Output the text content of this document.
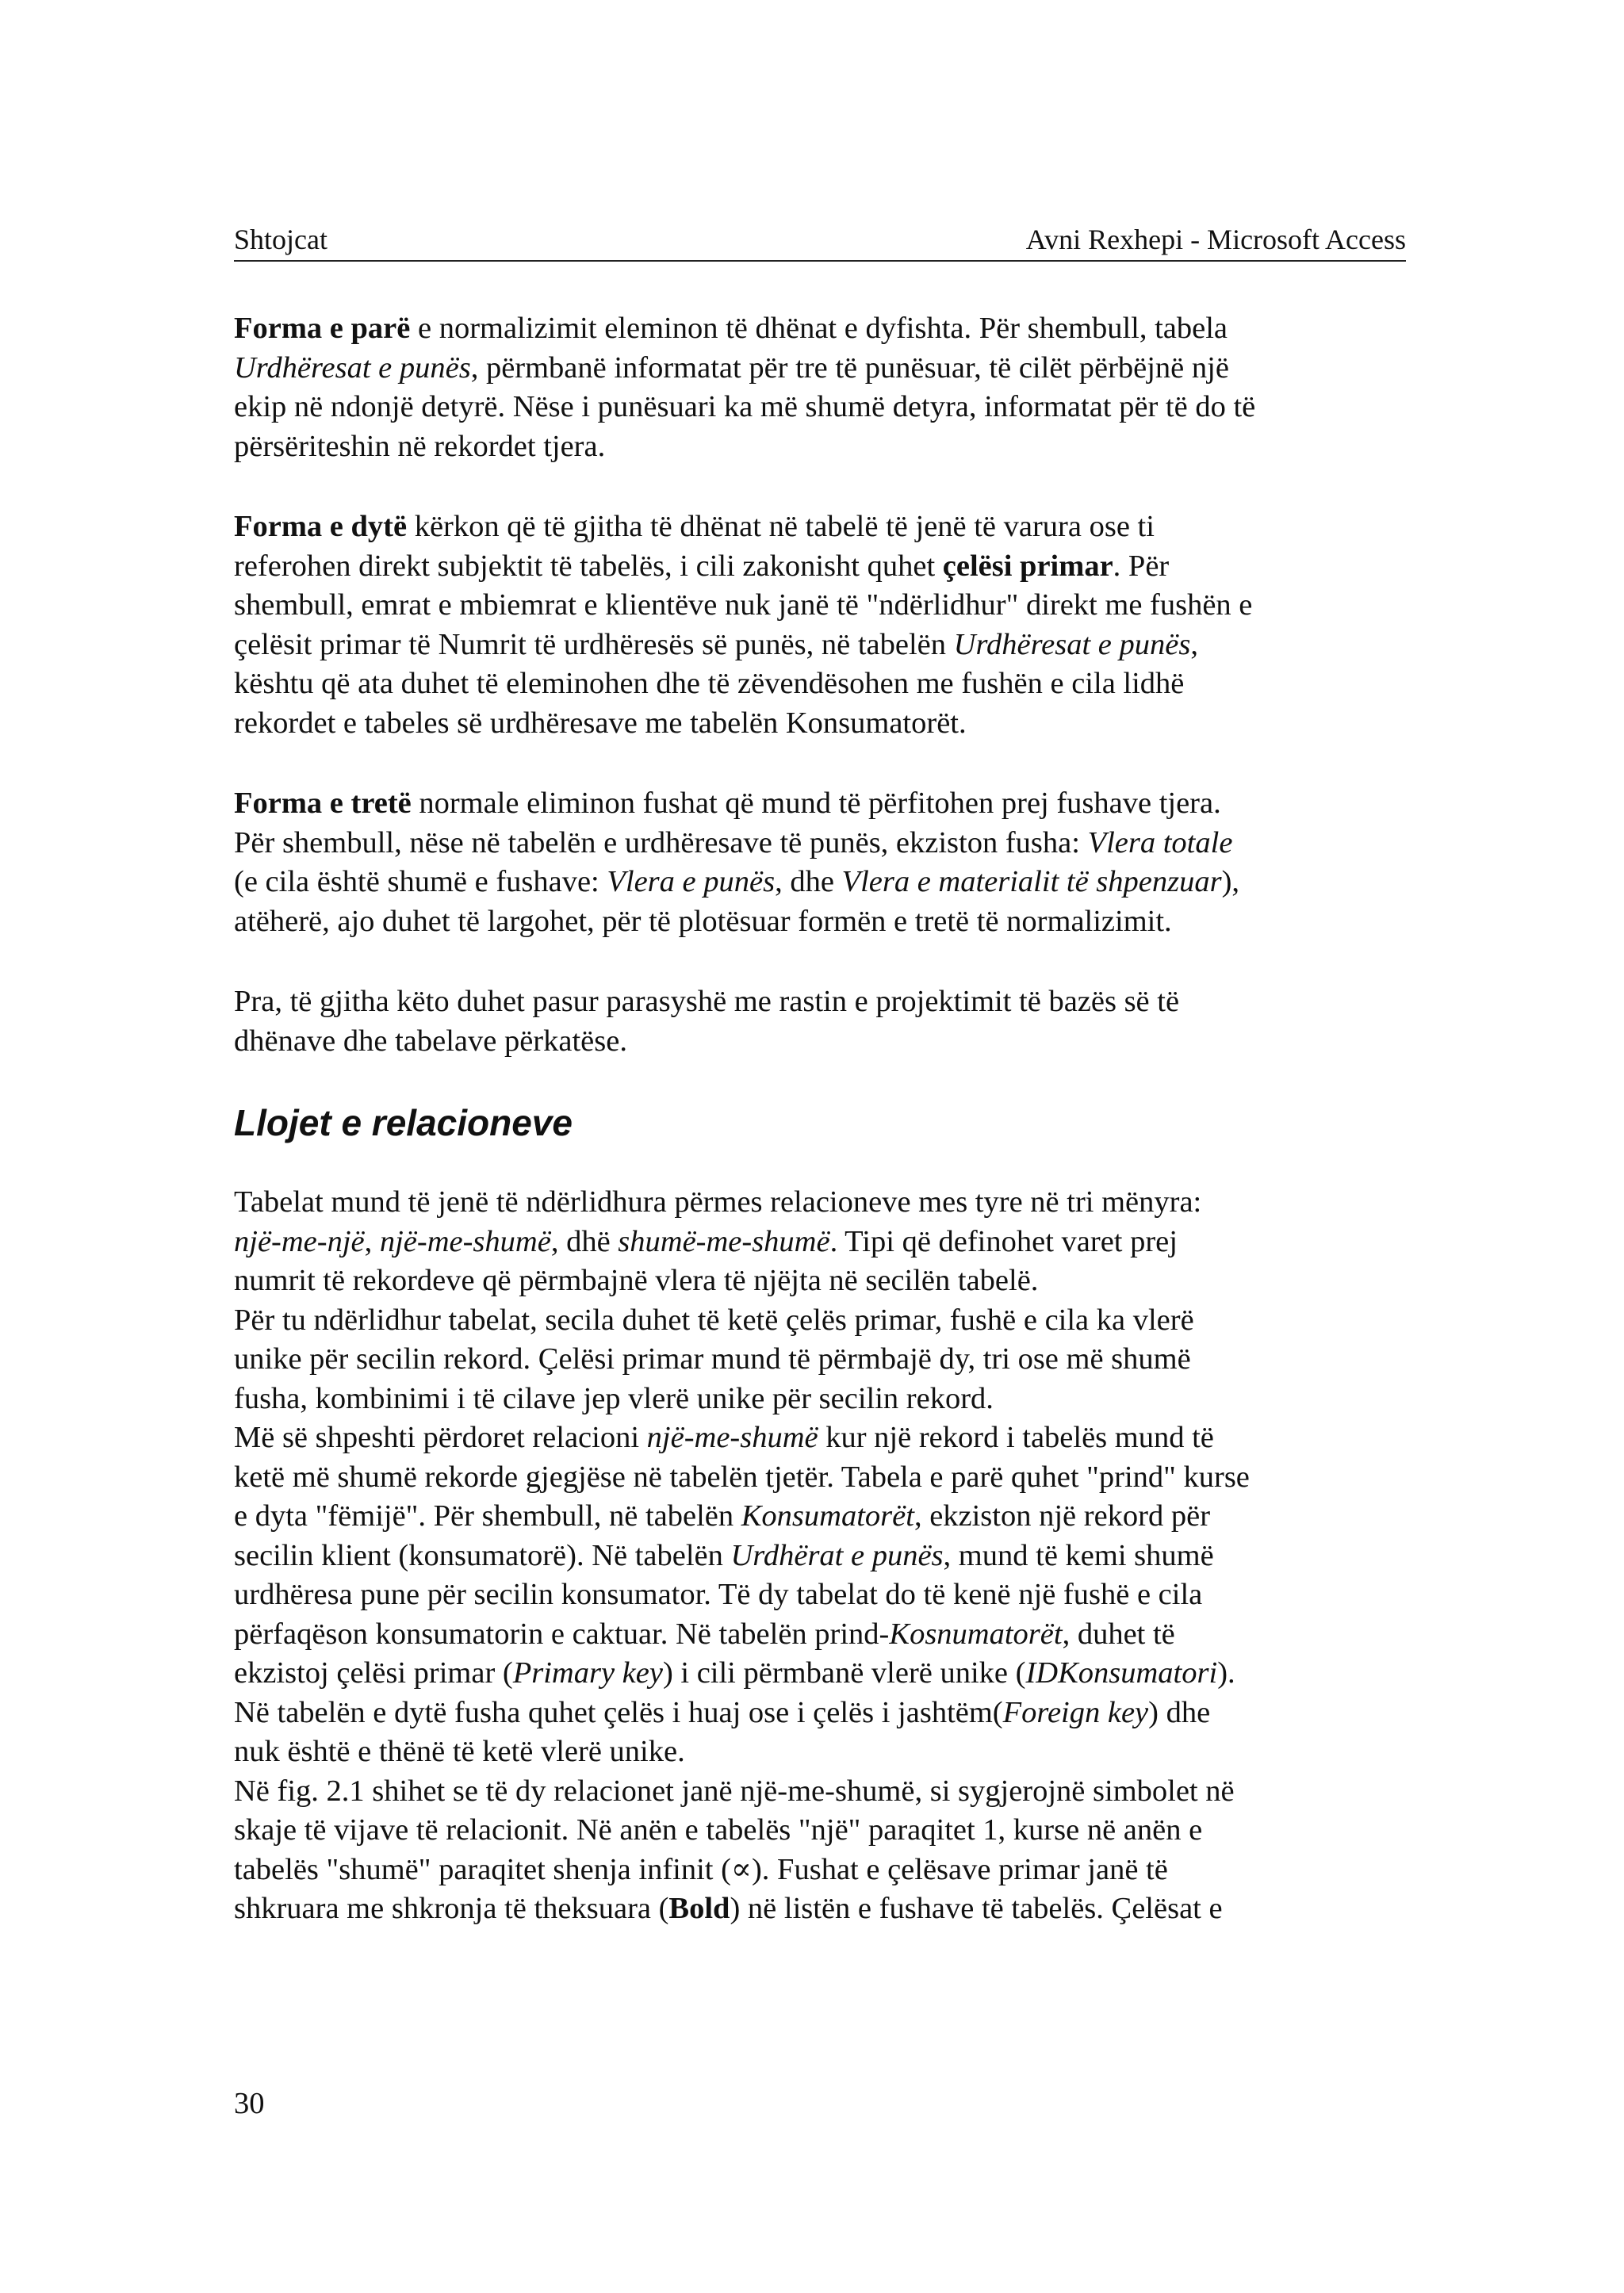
Shtojcat	Avni Rexhepi - Microsoft Access

Forma e parë e normalizimit eleminon të dhënat e dyfishta. Për shembull, tabela

Urdhëresat e punës, përmbanë informatat për tre të punësuar, të cilët përbëjnë një

ekip në ndonjë detyrë. Nëse i punësuari ka më shumë detyra, informatat për të do të

përsëriteshin në rekordet tjera.

Forma e dytë kërkon që të gjitha të dhënat në tabelë të jenë të varura ose ti

referohen direkt subjektit të tabelës, i cili zakonisht quhet çelësi primar. Për

shembull, emrat e mbiemrat e klientëve nuk janë të "ndërlidhur" direkt me fushën e

çelësit primar të Numrit të urdhëresës së punës, në tabelën Urdhëresat e punës,

kështu që ata duhet të eleminohen dhe të zëvendësohen me fushën e cila lidhë

rekordet e tabeles së urdhëresave me tabelën Konsumatorët.

Forma e tretë normale eliminon fushat që mund të përfitohen prej fushave tjera.

Për shembull, nëse në tabelën e urdhëresave të punës, ekziston fusha: Vlera totale

(e cila është shumë e fushave: Vlera e punës, dhe Vlera e materialit të shpenzuar),

atëherë, ajo duhet të largohet, për të plotësuar formën e tretë të normalizimit.

Pra, të gjitha këto duhet pasur parasyshë me rastin e projektimit të bazës së të

dhënave dhe tabelave përkatëse.

Llojet e relacioneve

Tabelat mund të jenë të ndërlidhura përmes relacioneve mes tyre në tri mënyra:

një-me-një, një-me-shumë, dhë shumë-me-shumë. Tipi që definohet varet prej

numrit të rekordeve që përmbajnë vlera të njëjta në secilën tabelë.

Për tu ndërlidhur tabelat, secila duhet të ketë çelës primar, fushë e cila ka vlerë

unike për secilin rekord. Çelësi primar mund të përmbajë dy, tri ose më shumë

fusha, kombinimi i të cilave jep vlerë unike për secilin rekord.

Më së shpeshti përdoret relacioni një-me-shumë kur një rekord i tabelës mund të

ketë më shumë rekorde gjegjëse në tabelën tjetër. Tabela e parë quhet "prind" kurse

e dyta "fëmijë". Për shembull, në tabelën Konsumatorët, ekziston një rekord për

secilin klient (konsumatorë). Në tabelën Urdhërat e punës, mund të kemi shumë

urdhëresa pune për secilin konsumator. Të dy tabelat do të kenë një fushë e cila

përfaqëson konsumatorin e caktuar. Në tabelën prind-Kosnumatorët, duhet të

ekzistoj çelësi primar (Primary key) i cili përmbanë vlerë unike (IDKonsumatori).

Në tabelën e dytë fusha quhet çelës i huaj ose i çelës i jashtëm(Foreign key) dhe

nuk është e thënë të ketë vlerë unike.

Në fig. 2.1 shihet se të dy relacionet janë një-me-shumë, si sygjerojnë simbolet në

skaje të vijave të relacionit. Në anën e tabelës "një" paraqitet 1, kurse në anën e

tabelës "shumë" paraqitet shenja infinit (∝). Fushat e çelësave primar janë të

shkruara me shkronja të theksuara (Bold) në listën e fushave të tabelës. Çelësat e

30
